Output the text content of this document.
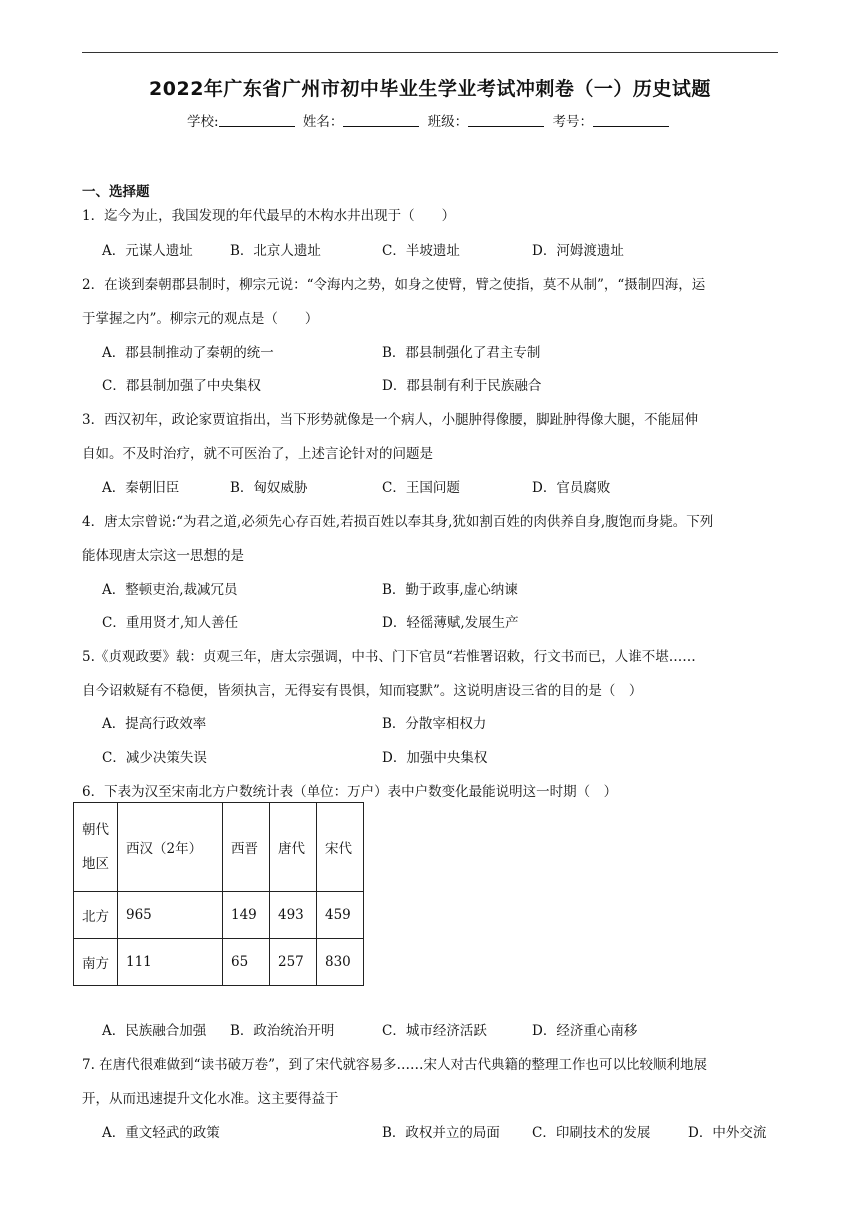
2022年广东省广州市初中毕业生学业考试冲刺卷（一）历史试题
学校:	姓名：	班级：	考号：
一、选择题
1．迄今为止，我国发现的年代最早的木构水井出现于（　　）
A．元谋人遗址	B．北京人遗址	C．半坡遗址	D．河姆渡遗址
2．在谈到秦朝郡县制时，柳宗元说：“令海内之势，如身之使臂，臂之使指，莫不从制”，“摄制四海，运
于掌握之内”。柳宗元的观点是（　　）
A．郡县制推动了秦朝的统一	B．郡县制强化了君主专制
C．郡县制加强了中央集权	D．郡县制有利于民族融合
3．西汉初年，政论家贾谊指出，当下形势就像是一个病人，小腿肿得像腰，脚趾肿得像大腿，不能屈伸
自如。不及时治疗，就不可医治了，上述言论针对的问题是
A．秦朝旧臣	B．匈奴威胁	C．王国问题	D．官员腐败
4．唐太宗曾说:“为君之道,必须先心存百姓,若损百姓以奉其身,犹如割百姓的肉供养自身,腹饱而身毙。下列
能体现唐太宗这一思想的是
A．整顿吏治,裁减冗员	B．勤于政事,虚心纳谏
C．重用贤才,知人善任	D．轻徭薄赋,发展生产
5.《贞观政要》载：贞观三年，唐太宗强调，中书、门下官员“若惟署诏敕，行文书而已，人谁不堪……
自今诏敕疑有不稳便，皆须执言，无得妄有畏惧，知而寝默”。这说明唐设三省的目的是（　）
A．提高行政效率	B．分散宰相权力
C．减少决策失误	D．加强中央集权
6．下表为汉至宋南北方户数统计表（单位：万户）表中户数变化最能说明这一时期（　）
朝代
地区	西汉（2年）	西晋	唐代	宋代
北方	965	149	493	459
南方	111	65	257	830
A．民族融合加强 B．政治统治开明	C．城市经济活跃	D．经济重心南移
7. 在唐代很难做到“读书破万卷”，到了宋代就容易多……宋人对古代典籍的整理工作也可以比较顺利地展
开，从而迅速提升文化水准。这主要得益于
A．重文轻武的政策	B．政权并立的局面 C．印刷技术的发展	D．中外交流
